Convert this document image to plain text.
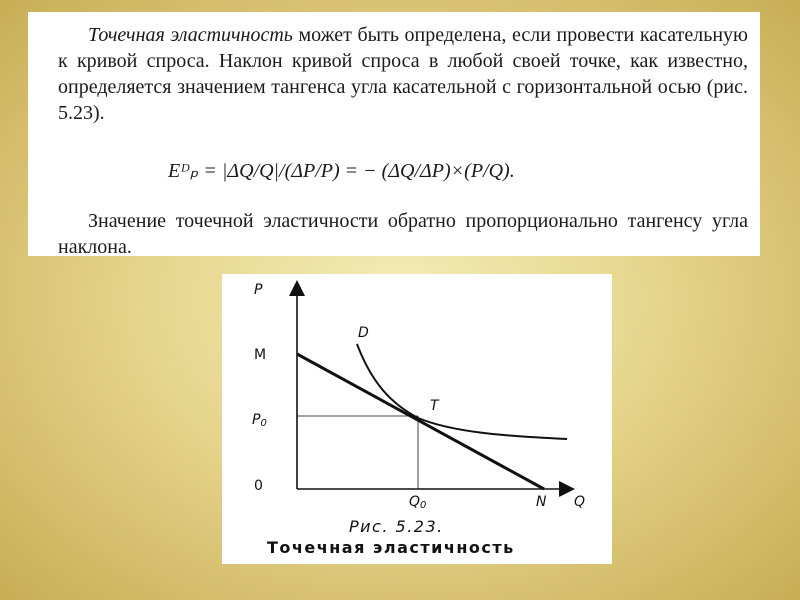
Точечная эластичность может быть определена, если провести касательную к кривой спроса. Наклон кривой спроса в любой своей точке, как известно, определяется значением тангенса угла касательной с горизонтальной осью (рис. 5.23).

Eᴰₚ = |ΔQ/Q|/(ΔP/P) = − (ΔQ/ΔP)×(P/Q).

Значение точечной эластичности обратно пропорционально тангенсу угла наклона.

P
M
P0
0
D
T
Q0	N Q
Рис. 5.23.
Точечная эластичность
